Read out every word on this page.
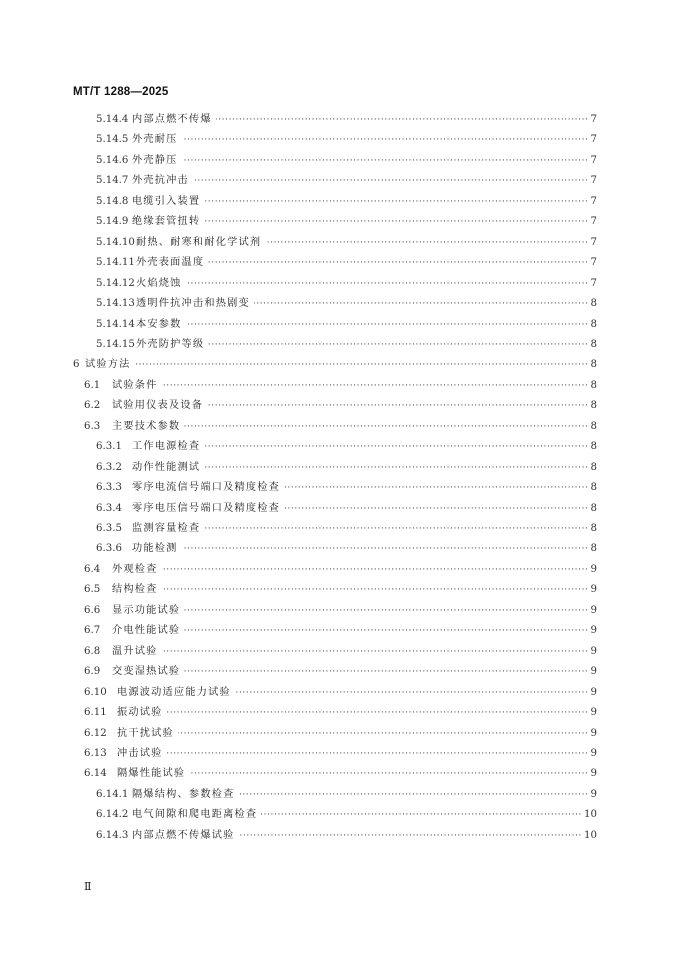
MT/T 1288—2025
5.14.4 内部点燃不传爆 ·····	7
5.14.5 外壳耐压 ·····	7
5.14.6 外壳静压 ·····	7
5.14.7 外壳抗冲击 ·····	7
5.14.8 电缆引入装置 ·····	7
5.14.9 绝缘套管扭转 ·····	7
5.14.10 耐热、耐寒和耐化学试剂 ·····	7
5.14.11 外壳表面温度 ·····	7
5.14.12 火焰烧蚀 ·····	7
5.14.13 透明件抗冲击和热剧变 ·····	8
5.14.14 本安参数 ·····	8
5.14.15 外壳防护等级 ·····	8
6 试验方法 ·····	8
6.1	试验条件 ·····	8
6.2	试验用仪表及设备 ·····	8
6.3	主要技术参数 ·····	8
6.3.1 工作电源检查 ·····	8
6.3.2 动作性能测试 ·····	8
6.3.3 零序电流信号端口及精度检查 ·····	8
6.3.4 零序电压信号端口及精度检查 ·····	8
6.3.5 监测容量检查 ·····	8
6.3.6 功能检测 ·····	8
6.4	外观检查 ·····	9
6.5	结构检查 ·····	9
6.6	显示功能试验 ·····	9
6.7	介电性能试验 ·····	9
6.8	温升试验 ·····	9
6.9	交变湿热试验 ·····	9
6.10	电源波动适应能力试验 ·····	9
6.11	振动试验 ·····	9
6.12	抗干扰试验 ·····	9
6.13	冲击试验 ·····	9
6.14	隔爆性能试验 ·····	9
6.14.1 隔爆结构、参数检查 ·····	9
6.14.2 电气间隙和爬电距离检查 ·····	10
6.14.3 内部点燃不传爆试验 ·····	10
Ⅱ
